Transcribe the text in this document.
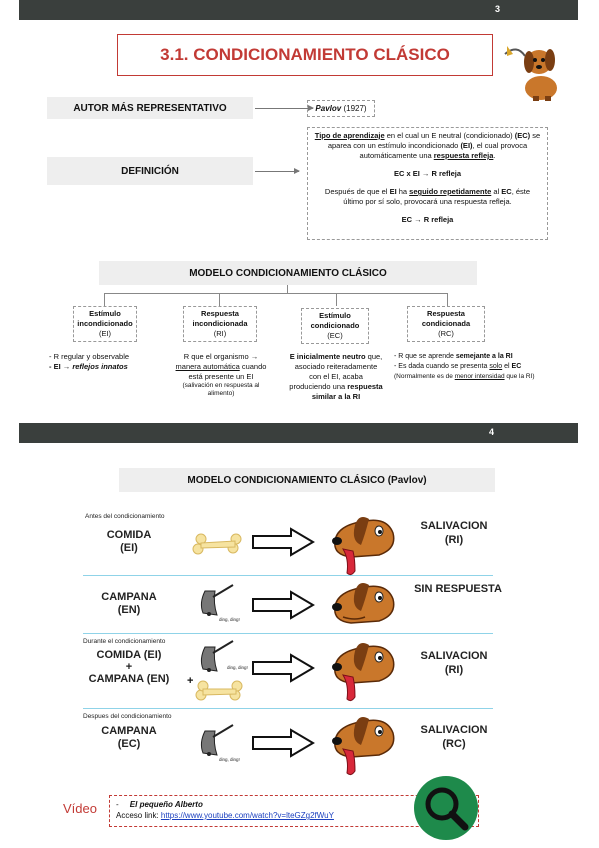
3
3.1. CONDICIONAMIENTO CLÁSICO
AUTOR MÁS REPRESENTATIVO	Pavlov
(1927)
DEFINICIÓN
Tipo de aprendizaje en el cual un E neutral (condicionado) (EC) se aparea con un estímulo incondicionado (EI), el cual provoca automáticamente una respuesta refleja.
EC x EI → R refleja
Después de que el EI ha seguido repetidamente al EC, éste último por sí solo, provocará una respuesta refleja.
EC → R refleja
MODELO CONDICIONAMIENTO CLÁSICO
Estímulo incondicionado
(EI)
Respuesta incondicionada
(RI)
Estímulo condicionado
(EC)
Respuesta condicionada
(RC)
- R regular y observable
- EI → reflejos innatos
R que el organismo →
manera automática cuando
está presente un EI
(salivación en respuesta al alimento)
E inicialmente neutro que,
asociado reiteradamente
con el EI, acaba
produciendo una respuesta similar a la RI
- R que se aprende semejante a la RI
- Es dada cuando se presenta solo el EC
(Normalmente es de menor intensidad que la RI)
4
MODELO CONDICIONAMIENTO CLÁSICO (Pavlov)
Antes del condicionamiento
COMIDA
(EI)
CAMPANA
(EN)
Durante el condicionamiento
COMIDA (EI)
+
CAMPANA (EN)
Despues del condicionamiento
CAMPANA
(EC)
+
ding, ding!
ding, ding!
ding, ding!
SALIVACION
(RI)
SIN RESPUESTA
SALIVACION
(RI)
SALIVACION
(RC)
Vídeo - El pequeño Alberto
Acceso link: https://www.youtube.com/watch?v=lteGZg2fWuY
